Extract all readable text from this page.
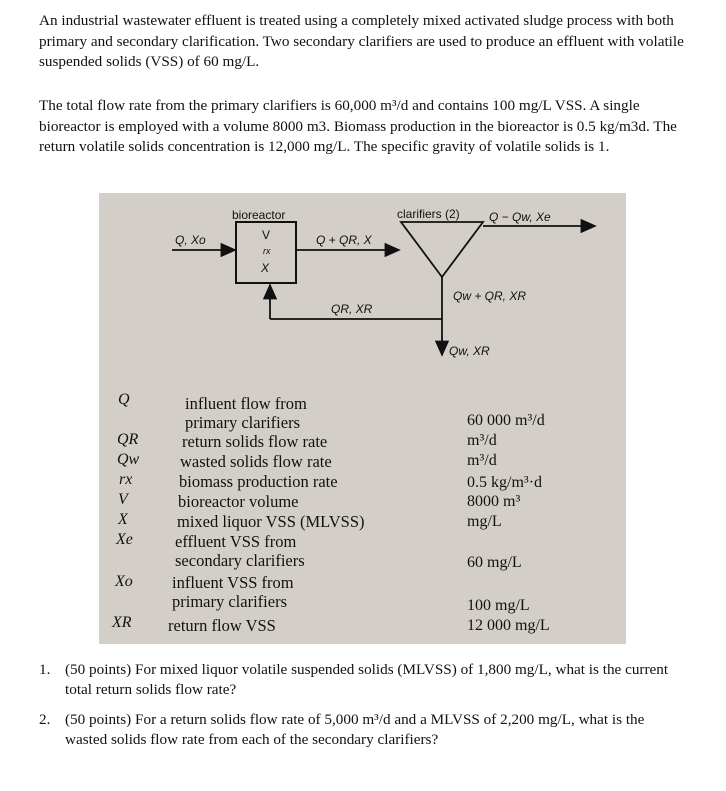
An industrial wastewater effluent is treated using a completely mixed activated sludge process with both primary and secondary clarification. Two secondary clarifiers are used to produce an effluent with volatile suspended solids (VSS) of 60 mg/L.

The total flow rate from the primary clarifiers is 60,000 m³/d and contains 100 mg/L VSS. A single bioreactor is employed with a volume 8000 m3. Biomass production in the bioreactor is 0.5 kg/m3d. The return volatile solids concentration is 12,000 mg/L. The specific gravity of volatile solids is 1.

bioreactor
V
rx
X
Q, Xo	Q + QR, X
clarifiers (2) Q − Qw, Xe
Qw + QR, XR
QR, XR
Qw, XR
Q
QR
Qw
rx
V
X
Xe
Xo
XR
influent flow from primary clarifiers
return solids flow rate
wasted solids flow rate
biomass production rate
bioreactor volume
mixed liquor VSS (MLVSS)
effluent VSS from secondary clarifiers
influent VSS from primary clarifiers
return flow VSS
60 000 m³/d
m³/d
m³/d
0.5 kg/m³·d
8000 m³
mg/L
60 mg/L
100 mg/L
12 000 mg/L
1. (50 points) For mixed liquor volatile suspended solids (MLVSS) of 1,800 mg/L, what is the current total return solids flow rate?
2. (50 points) For a return solids flow rate of 5,000 m³/d and a MLVSS of 2,200 mg/L, what is the wasted solids flow rate from each of the secondary clarifiers?
